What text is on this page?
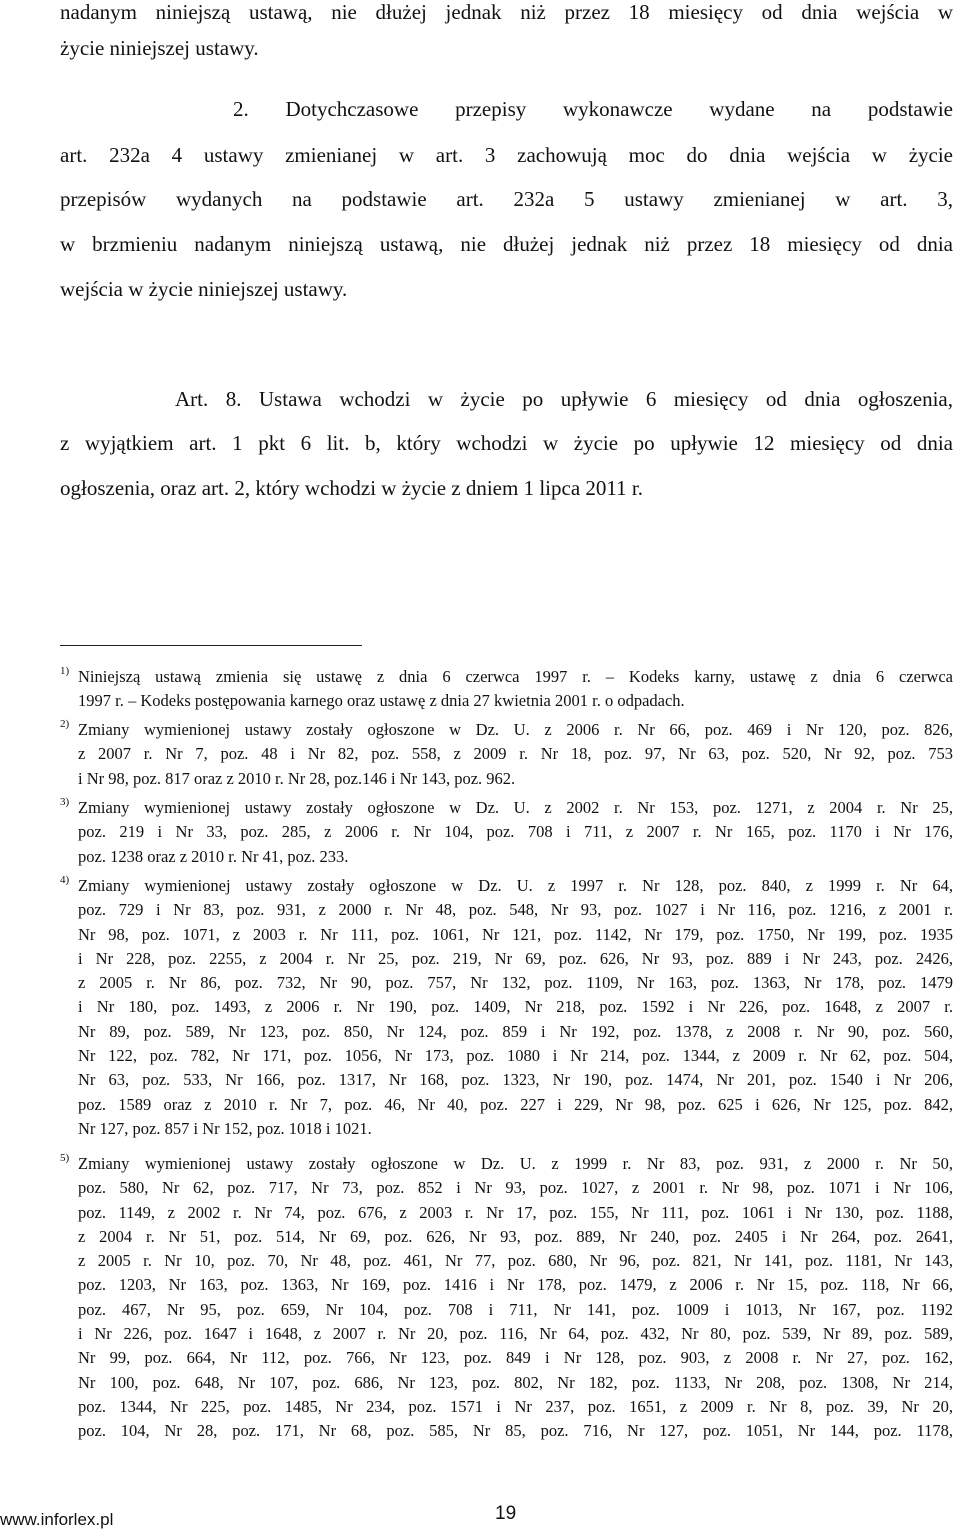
nadanym niniejszą ustawą, nie dłużej jednak niż przez 18 miesięcy od dnia wejścia w
życie niniejszej ustawy.
2. Dotychczasowe przepisy wykonawcze wydane na podstawie
art. 232a 4 ustawy zmienianej w art. 3 zachowują moc do dnia wejścia w życie
przepisów wydanych na podstawie art. 232a 5 ustawy zmienianej w art. 3,
w brzmieniu nadanym niniejszą ustawą, nie dłużej jednak niż przez 18 miesięcy od dnia
wejścia w życie niniejszej ustawy.
Art. 8. Ustawa wchodzi w życie po upływie 6 miesięcy od dnia ogłoszenia,
z wyjątkiem art. 1 pkt 6 lit. b, który wchodzi w życie po upływie 12 miesięcy od dnia
ogłoszenia, oraz art. 2, który wchodzi w życie z dniem 1 lipca 2011 r.
1) Niniejszą ustawą zmienia się ustawę z dnia 6 czerwca 1997 r. – Kodeks karny, ustawę z dnia 6 czerwca
1997 r. – Kodeks postępowania karnego oraz ustawę z dnia 27 kwietnia 2001 r. o odpadach.
2) Zmiany wymienionej ustawy zostały ogłoszone w Dz. U. z 2006 r. Nr 66, poz. 469 i Nr 120, poz. 826,
z 2007 r. Nr 7, poz. 48 i Nr 82, poz. 558, z 2009 r. Nr 18, poz. 97, Nr 63, poz. 520, Nr 92, poz. 753
i Nr 98, poz. 817 oraz z 2010 r. Nr 28, poz.146 i Nr 143, poz. 962.
3) Zmiany wymienionej ustawy zostały ogłoszone w Dz. U. z 2002 r. Nr 153, poz. 1271, z 2004 r. Nr 25,
poz. 219 i Nr 33, poz. 285, z 2006 r. Nr 104, poz. 708 i 711, z 2007 r. Nr 165, poz. 1170 i Nr 176,
poz. 1238 oraz z 2010 r. Nr 41, poz. 233.
4) Zmiany wymienionej ustawy zostały ogłoszone w Dz. U. z 1997 r. Nr 128, poz. 840, z 1999 r. Nr 64,
poz. 729 i Nr 83, poz. 931, z 2000 r. Nr 48, poz. 548, Nr 93, poz. 1027 i Nr 116, poz. 1216, z 2001 r.
Nr 98, poz. 1071, z 2003 r. Nr 111, poz. 1061, Nr 121, poz. 1142, Nr 179, poz. 1750, Nr 199, poz. 1935
i Nr 228, poz. 2255, z 2004 r. Nr 25, poz. 219, Nr 69, poz. 626, Nr 93, poz. 889 i Nr 243, poz. 2426,
z 2005 r. Nr 86, poz. 732, Nr 90, poz. 757, Nr 132, poz. 1109, Nr 163, poz. 1363, Nr 178, poz. 1479
i Nr 180, poz. 1493, z 2006 r. Nr 190, poz. 1409, Nr 218, poz. 1592 i Nr 226, poz. 1648, z 2007 r.
Nr 89, poz. 589, Nr 123, poz. 850, Nr 124, poz. 859 i Nr 192, poz. 1378, z 2008 r. Nr 90, poz. 560,
Nr 122, poz. 782, Nr 171, poz. 1056, Nr 173, poz. 1080 i Nr 214, poz. 1344, z 2009 r. Nr 62, poz. 504,
Nr 63, poz. 533, Nr 166, poz. 1317, Nr 168, poz. 1323, Nr 190, poz. 1474, Nr 201, poz. 1540 i Nr 206,
poz. 1589 oraz z 2010 r. Nr 7, poz. 46, Nr 40, poz. 227 i 229, Nr 98, poz. 625 i 626, Nr 125, poz. 842,
Nr 127, poz. 857 i Nr 152, poz. 1018 i 1021.
5) Zmiany wymienionej ustawy zostały ogłoszone w Dz. U. z 1999 r. Nr 83, poz. 931, z 2000 r. Nr 50,
poz. 580, Nr 62, poz. 717, Nr 73, poz. 852 i Nr 93, poz. 1027, z 2001 r. Nr 98, poz. 1071 i Nr 106,
poz. 1149, z 2002 r. Nr 74, poz. 676, z 2003 r. Nr 17, poz. 155, Nr 111, poz. 1061 i Nr 130, poz. 1188,
z 2004 r. Nr 51, poz. 514, Nr 69, poz. 626, Nr 93, poz. 889, Nr 240, poz. 2405 i Nr 264, poz. 2641,
z 2005 r. Nr 10, poz. 70, Nr 48, poz. 461, Nr 77, poz. 680, Nr 96, poz. 821, Nr 141, poz. 1181, Nr 143,
poz. 1203, Nr 163, poz. 1363, Nr 169, poz. 1416 i Nr 178, poz. 1479, z 2006 r. Nr 15, poz. 118, Nr 66,
poz. 467, Nr 95, poz. 659, Nr 104, poz. 708 i 711, Nr 141, poz. 1009 i 1013, Nr 167, poz. 1192
i Nr 226, poz. 1647 i 1648, z 2007 r. Nr 20, poz. 116, Nr 64, poz. 432, Nr 80, poz. 539, Nr 89, poz. 589,
Nr 99, poz. 664, Nr 112, poz. 766, Nr 123, poz. 849 i Nr 128, poz. 903, z 2008 r. Nr 27, poz. 162,
Nr 100, poz. 648, Nr 107, poz. 686, Nr 123, poz. 802, Nr 182, poz. 1133, Nr 208, poz. 1308, Nr 214,
poz. 1344, Nr 225, poz. 1485, Nr 234, poz. 1571 i Nr 237, poz. 1651, z 2009 r. Nr 8, poz. 39, Nr 20,
poz. 104, Nr 28, poz. 171, Nr 68, poz. 585, Nr 85, poz. 716, Nr 127, poz. 1051, Nr 144, poz. 1178,
www.inforlex.pl	19
